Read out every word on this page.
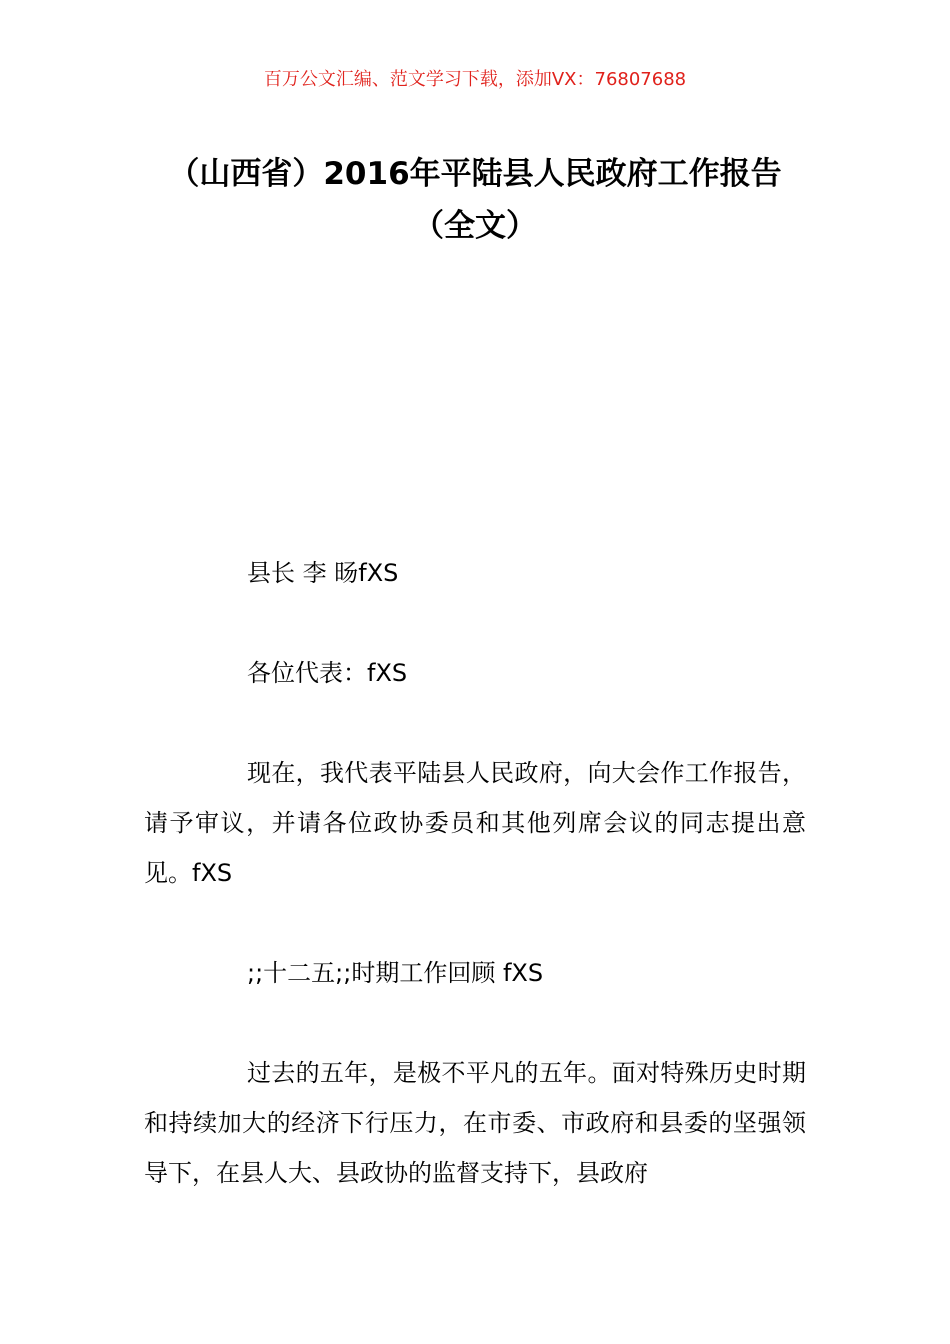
百万公文汇编、范文学习下载，添加VX：76807688
（山西省）2016年平陆县人民政府工作报告（全文）

县长 李 旸fXS

各位代表：fXS

现在，我代表平陆县人民政府，向大会作工作报告，请予审议，并请各位政协委员和其他列席会议的同志提出意见。fXS

;;十二五;;时期工作回顾 fXS

过去的五年，是极不平凡的五年。面对特殊历史时期和持续加大的经济下行压力，在市委、市政府和县委的坚强领导下，在县人大、县政协的监督支持下，县政府
